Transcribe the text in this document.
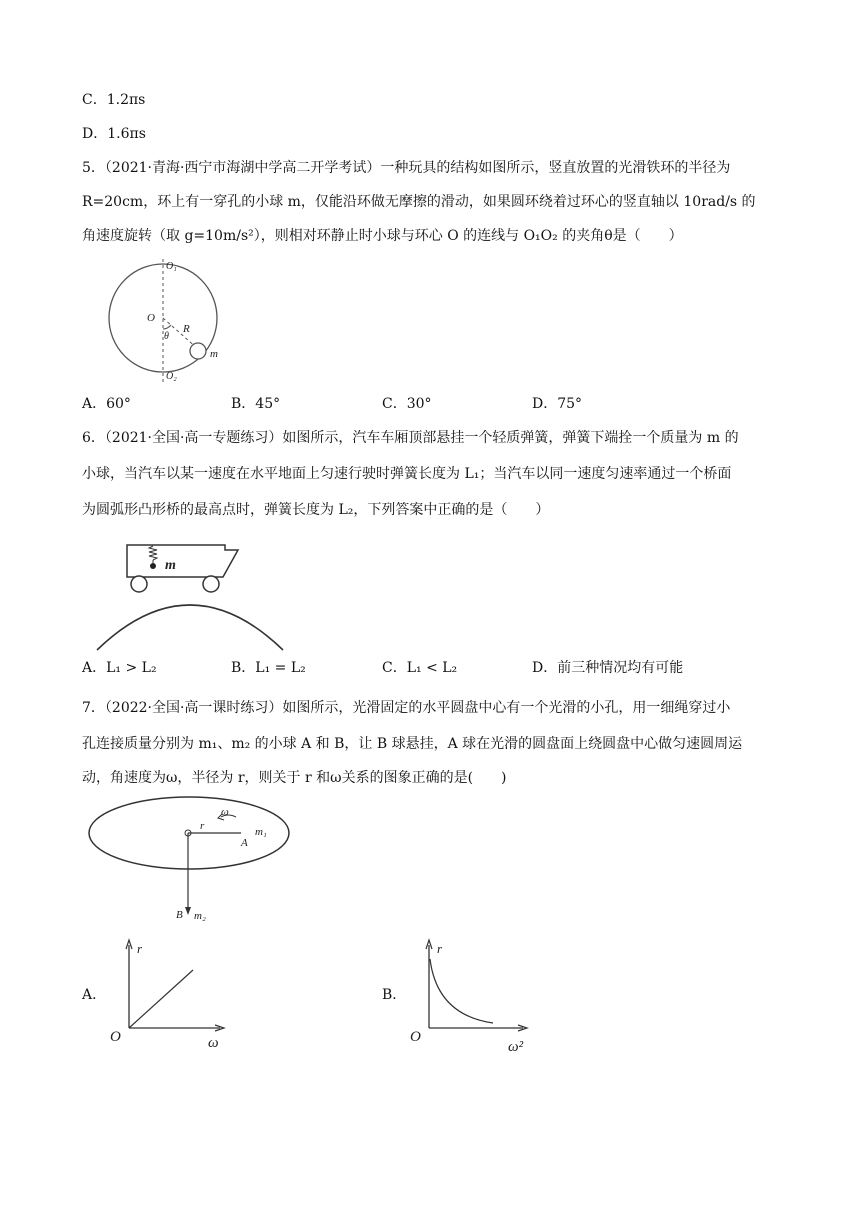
C．1.2πs
D．1.6πs
5．（2021·青海·西宁市海湖中学高二开学考试）一种玩具的结构如图所示，竖直放置的光滑铁环的半径为
R=20cm，环上有一穿孔的小球 m，仅能沿环做无摩擦的滑动，如果圆环绕着过环心的竖直轴以 10rad/s 的
角速度旋转（取 g=10m/s²），则相对环静止时小球与环心 O 的连线与 O₁O₂ 的夹角θ是（　　）
O₁
O₂
O
R
θ
m
A．60°	B．45°	C．30°	D．75°
6．（2021·全国·高一专题练习）如图所示，汽车车厢顶部悬挂一个轻质弹簧，弹簧下端拴一个质量为 m 的
小球，当汽车以某一速度在水平地面上匀速行驶时弹簧长度为 L₁；当汽车以同一速度匀速率通过一个桥面
为圆弧形凸形桥的最高点时，弹簧长度为 L₂，下列答案中正确的是（　　）
m
A．L₁ > L₂	B．L₁ = L₂	C．L₁ < L₂	D．前三种情况均有可能
7．（2022·全国·高一课时练习）如图所示，光滑固定的水平圆盘中心有一个光滑的小孔，用一细绳穿过小
孔连接质量分别为 m₁、m₂ 的小球 A 和 B，让 B 球悬挂，A 球在光滑的圆盘面上绕圆盘中心做匀速圆周运
动，角速度为ω，半径为 r，则关于 r 和ω关系的图象正确的是(　　)
r
ω
m₁
A
B m₂
A．
r
O	ω
B．
r
O
ω²
